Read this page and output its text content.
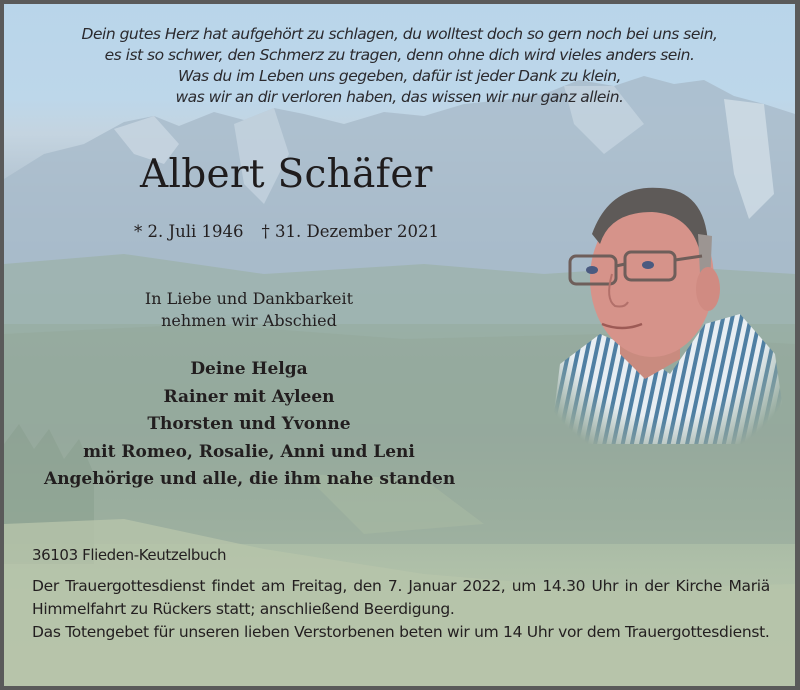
Dein gutes Herz hat aufgehört zu schlagen, du wolltest doch so gern noch bei uns sein,
es ist so schwer, den Schmerz zu tragen, denn ohne dich wird vieles anders sein.
Was du im Leben uns gegeben, dafür ist jeder Dank zu klein,
was wir an dir verloren haben, das wissen wir nur ganz allein.
Albert Schäfer
* 2. Juli 1946 † 31. Dezember 2021
In Liebe und Dankbarkeit
nehmen wir Abschied
Deine Helga
Rainer mit Ayleen
Thorsten und Yvonne
mit Romeo, Rosalie, Anni und Leni
Angehörige und alle, die ihm nahe standen
36103 Flieden-Keutzelbuch
Der Trauergottesdienst findet am Freitag, den 7. Januar 2022, um 14.30 Uhr in der Kirche Mariä Himmelfahrt zu Rückers statt; anschließend Beerdigung.
Das Totengebet für unseren lieben Verstorbenen beten wir um 14 Uhr vor dem Trauergottesdienst.
